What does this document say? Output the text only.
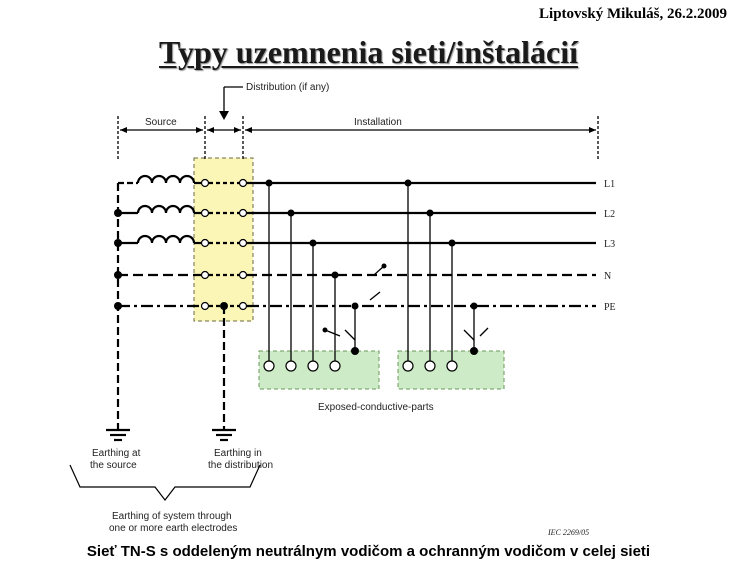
Liptovský Mikuláš, 26.2.2009
Typy uzemnenia sieti/inštalácií
Distribution (if any)
Source	Installation
L1
L2
L3
N
PE
Exposed-conductive-parts
Earthing at
the source
Earthing in
the distribution
Earthing of system through
one or more earth electrodes	IEC 2269/05
Sieť TN-S s oddeleným neutrálnym vodičom a ochranným vodičom v celej sieti
